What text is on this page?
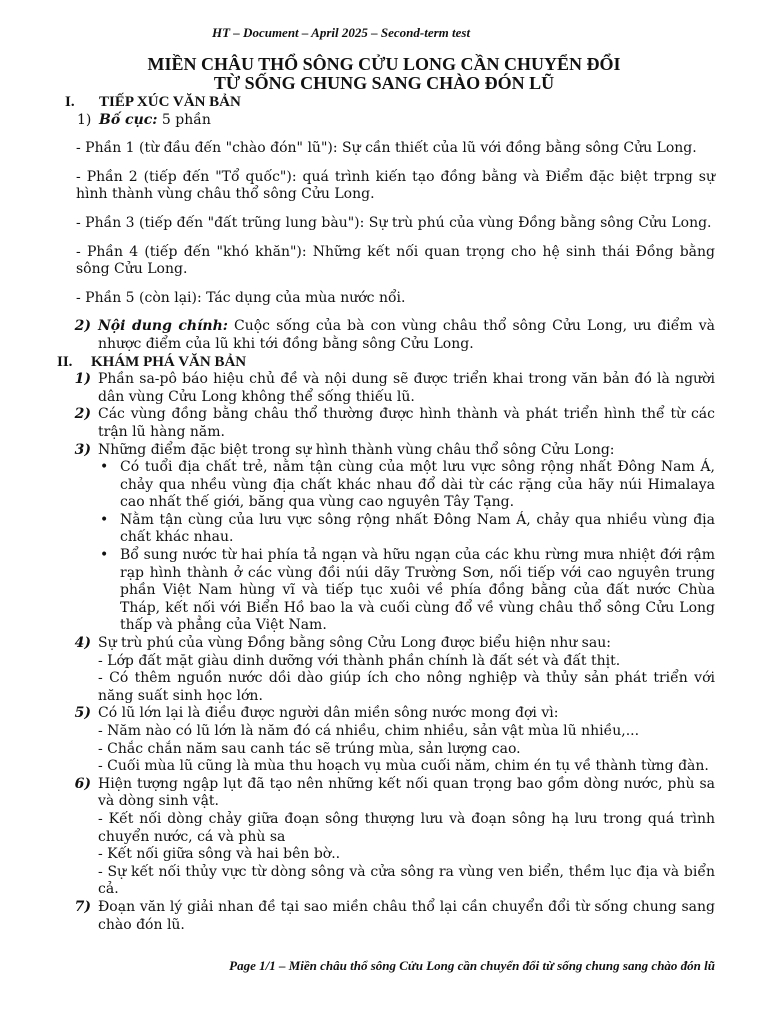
HT – Document – April 2025 – Second-term test
MIỀN CHÂU THỔ SÔNG CỬU LONG CẦN CHUYỂN ĐỔI
TỪ SỐNG CHUNG SANG CHÀO ĐÓN LŨ
I.	TIẾP XÚC VĂN BẢN
1) Bố cục: 5 phần
- Phần 1 (từ đầu đến "chào đón" lũ"): Sự cần thiết của lũ với đồng bằng sông Cửu Long.
- Phần 2 (tiếp đến "Tổ quốc"): quá trình kiến tạo đồng bằng và Điểm đặc biệt trpng sự hình thành vùng châu thổ sông Cửu Long.
- Phần 3 (tiếp đến "đất trũng lung bàu"): Sự trù phú của vùng Đồng bằng sông Cửu Long.
- Phần 4 (tiếp đến "khó khăn"): Những kết nối quan trọng cho hệ sinh thái Đồng bằng sông Cửu Long.
- Phần 5 (còn lại): Tác dụng của mùa nước nổi.
2) Nội dung chính: Cuộc sống của bà con vùng châu thổ sông Cửu Long, ưu điểm và nhược điểm của lũ khi tới đồng bằng sông Cửu Long.
II.	KHÁM PHÁ VĂN BẢN
1) Phần sa-pô báo hiệu chủ đề và nội dung sẽ được triển khai trong văn bản đó là người dân vùng Cửu Long không thể sống thiếu lũ.
2) Các vùng đồng bằng châu thổ thường được hình thành và phát triển hình thể từ các trận lũ hàng năm.
3) Những điểm đặc biệt trong sự hình thành vùng châu thổ sông Cửu Long:
• Có tuổi địa chất trẻ, nằm tận cùng của một lưu vực sông rộng nhất Đông Nam Á, chảy qua nhều vùng địa chất khác nhau đổ dài từ các rặng của hãy núi Himalaya cao nhất thế giới, băng qua vùng cao nguyên Tây Tạng.
• Nằm tận cùng của lưu vực sông rộng nhất Đông Nam Á, chảy qua nhiều vùng địa chất khác nhau.
• Bổ sung nước từ hai phía tả ngạn và hữu ngạn của các khu rừng mưa nhiệt đới rậm rạp hình thành ở các vùng đồi núi dãy Trường Sơn, nối tiếp với cao nguyên trung phần Việt Nam hùng vĩ và tiếp tục xuôi về phía đồng bằng của đất nước Chùa Tháp, kết nối với Biển Hồ bao la và cuối cùng đổ về vùng châu thổ sông Cửu Long thấp và phẳng của Việt Nam.
4) Sự trù phú của vùng Đồng bằng sông Cửu Long được biểu hiện như sau:
- Lớp đất mặt giàu dinh dưỡng với thành phần chính là đất sét và đất thịt.
- Có thêm nguồn nước dồi dào giúp ích cho nông nghiệp và thủy sản phát triển với năng suất sinh học lớn.
5) Có lũ lớn lại là điều được người dân miền sông nước mong đợi vì:
- Năm nào có lũ lớn là năm đó cá nhiều, chim nhiều, sản vật mùa lũ nhiều,...
- Chắc chắn năm sau canh tác sẽ trúng mùa, sản lượng cao.
- Cuối mùa lũ cũng là mùa thu hoạch vụ mùa cuối năm, chim én tụ về thành từng đàn.
6) Hiện tượng ngập lụt đã tạo nên những kết nối quan trọng bao gồm dòng nước, phù sa và dòng sinh vật.
- Kết nối dòng chảy giữa đoạn sông thượng lưu và đoạn sông hạ lưu trong quá trình chuyển nước, cá và phù sa
- Kết nối giữa sông và hai bên bờ..
- Sự kết nối thủy vực từ dòng sông và cửa sông ra vùng ven biển, thềm lục địa và biển cả.
7) Đoạn văn lý giải nhan đề tại sao miền châu thổ lại cần chuyển đổi từ sống chung sang chào đón lũ.
Page 1/1 – Miền châu thổ sông Cửu Long cần chuyển đổi từ sống chung sang chào đón lũ
